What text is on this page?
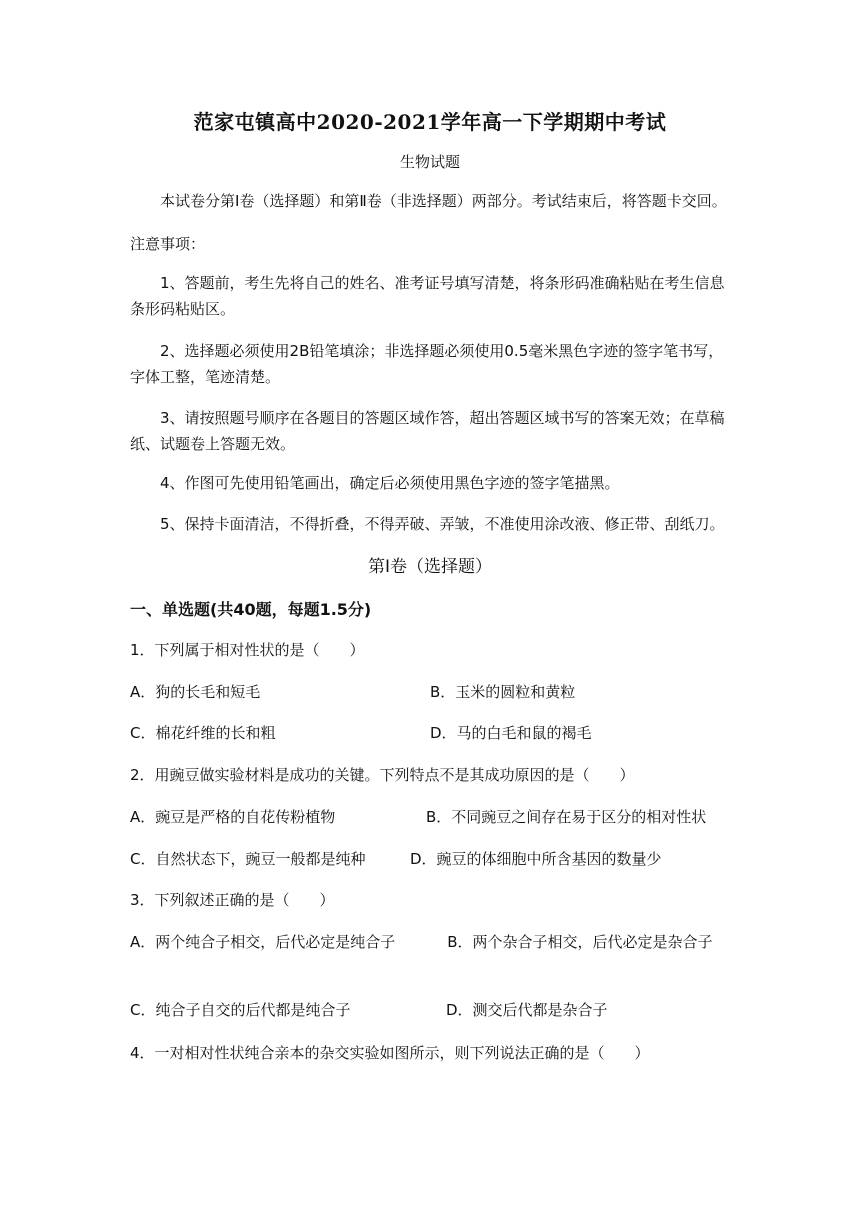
范家屯镇高中2020-2021学年高一下学期期中考试
生物试题
本试卷分第Ⅰ卷（选择题）和第Ⅱ卷（非选择题）两部分。考试结束后，将答题卡交回。
注意事项：
1、答题前，考生先将自己的姓名、准考证号填写清楚，将条形码准确粘贴在考生信息条形码粘贴区。
2、选择题必须使用2B铅笔填涂；非选择题必须使用0.5毫米黑色字迹的签字笔书写，字体工整，笔迹清楚。
3、请按照题号顺序在各题目的答题区域作答，超出答题区域书写的答案无效；在草稿纸、试题卷上答题无效。
4、作图可先使用铅笔画出，确定后必须使用黑色字迹的签字笔描黑。
5、保持卡面清洁，不得折叠，不得弄破、弄皱，不准使用涂改液、修正带、刮纸刀。
第Ⅰ卷（选择题）
一、单选题(共40题，每题1.5分)
1．下列属于相对性状的是（　　）
A．狗的长毛和短毛	B．玉米的圆粒和黄粒
C．棉花纤维的长和粗	D．马的白毛和鼠的褐毛
2．用豌豆做实验材料是成功的关键。下列特点不是其成功原因的是（　　）
A．豌豆是严格的自花传粉植物	B．不同豌豆之间存在易于区分的相对性状
C．自然状态下，豌豆一般都是纯种	D．豌豆的体细胞中所含基因的数量少
3．下列叙述正确的是（　　）
A．两个纯合子相交，后代必定是纯合子	B．两个杂合子相交，后代必定是杂合子
C．纯合子自交的后代都是纯合子	D．测交后代都是杂合子
4．一对相对性状纯合亲本的杂交实验如图所示，则下列说法正确的是（　　）
